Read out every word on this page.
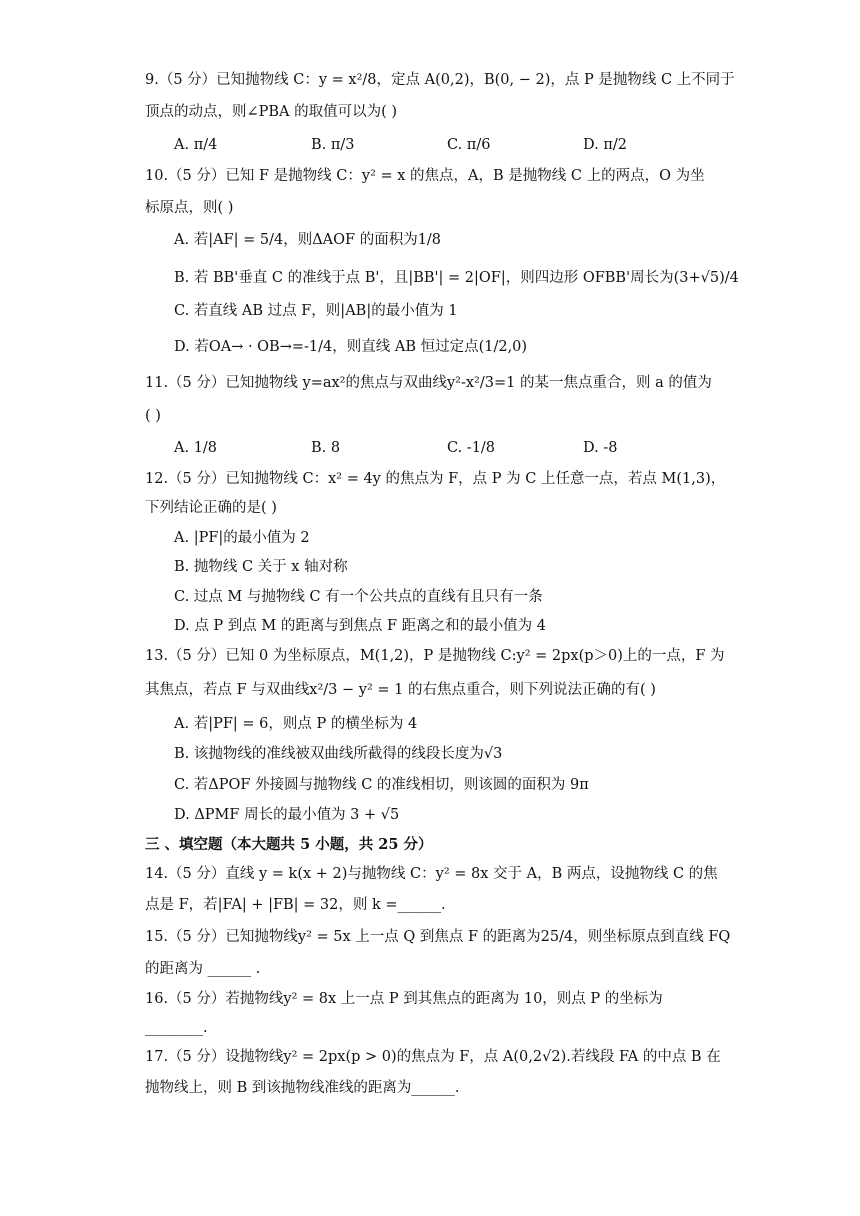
9.（5 分）已知抛物线 C：y = x²/8，定点 A(0,2)，B(0, − 2)，点 P 是抛物线 C 上不同于
顶点的动点，则∠PBA 的取值可以为( )
A. π/4	B. π/3	C. π/6	D. π/2
10.（5 分）已知 F 是抛物线 C：y² = x 的焦点，A，B 是抛物线 C 上的两点，O 为坐
标原点，则( )
A. 若|AF| = 5/4，则ΔAOF 的面积为1/8
B. 若 BB'垂直 C 的准线于点 B'，且|BB'| = 2|OF|，则四边形 OFBB'周长为(3+√5)/4
C. 若直线 AB 过点 F，则|AB|的最小值为 1
D. 若OA→ · OB→=-1/4，则直线 AB 恒过定点(1/2,0)
11.（5 分）已知抛物线 y=ax²的焦点与双曲线y²-x²/3=1 的某一焦点重合，则 a 的值为
( )
A. 1/8	B. 8	C. -1/8	D. -8
12.（5 分）已知抛物线 C：x² = 4y 的焦点为 F，点 P 为 C 上任意一点，若点 M(1,3)，
下列结论正确的是( )
A. |PF|的最小值为 2
B. 抛物线 C 关于 x 轴对称
C. 过点 M 与抛物线 C 有一个公共点的直线有且只有一条
D. 点 P 到点 M 的距离与到焦点 F 距离之和的最小值为 4
13.（5 分）已知 0 为坐标原点，M(1,2)，P 是抛物线 C:y² = 2px(p＞0)上的一点，F 为
其焦点，若点 F 与双曲线x²/3 − y² = 1 的右焦点重合，则下列说法正确的有( )
A. 若|PF| = 6，则点 P 的横坐标为 4
B. 该抛物线的准线被双曲线所截得的线段长度为√3
C. 若ΔPOF 外接圆与抛物线 C 的准线相切，则该圆的面积为 9π
D. ΔPMF 周长的最小值为 3 + √5
三 、填空题（本大题共 5 小题，共 25 分）
14.（5 分）直线 y = k(x + 2)与抛物线 C：y² = 8x 交于 A，B 两点，设抛物线 C 的焦
点是 F，若|FA| + |FB| = 32，则 k =______.
15.（5 分）已知抛物线y² = 5x 上一点 Q 到焦点 F 的距离为25/4，则坐标原点到直线 FQ
的距离为 ______ .
16.（5 分）若抛物线y² = 8x 上一点 P 到其焦点的距离为 10，则点 P 的坐标为
________.
17.（5 分）设抛物线y² = 2px(p > 0)的焦点为 F，点 A(0,2√2).若线段 FA 的中点 B 在
抛物线上，则 B 到该抛物线准线的距离为______.
